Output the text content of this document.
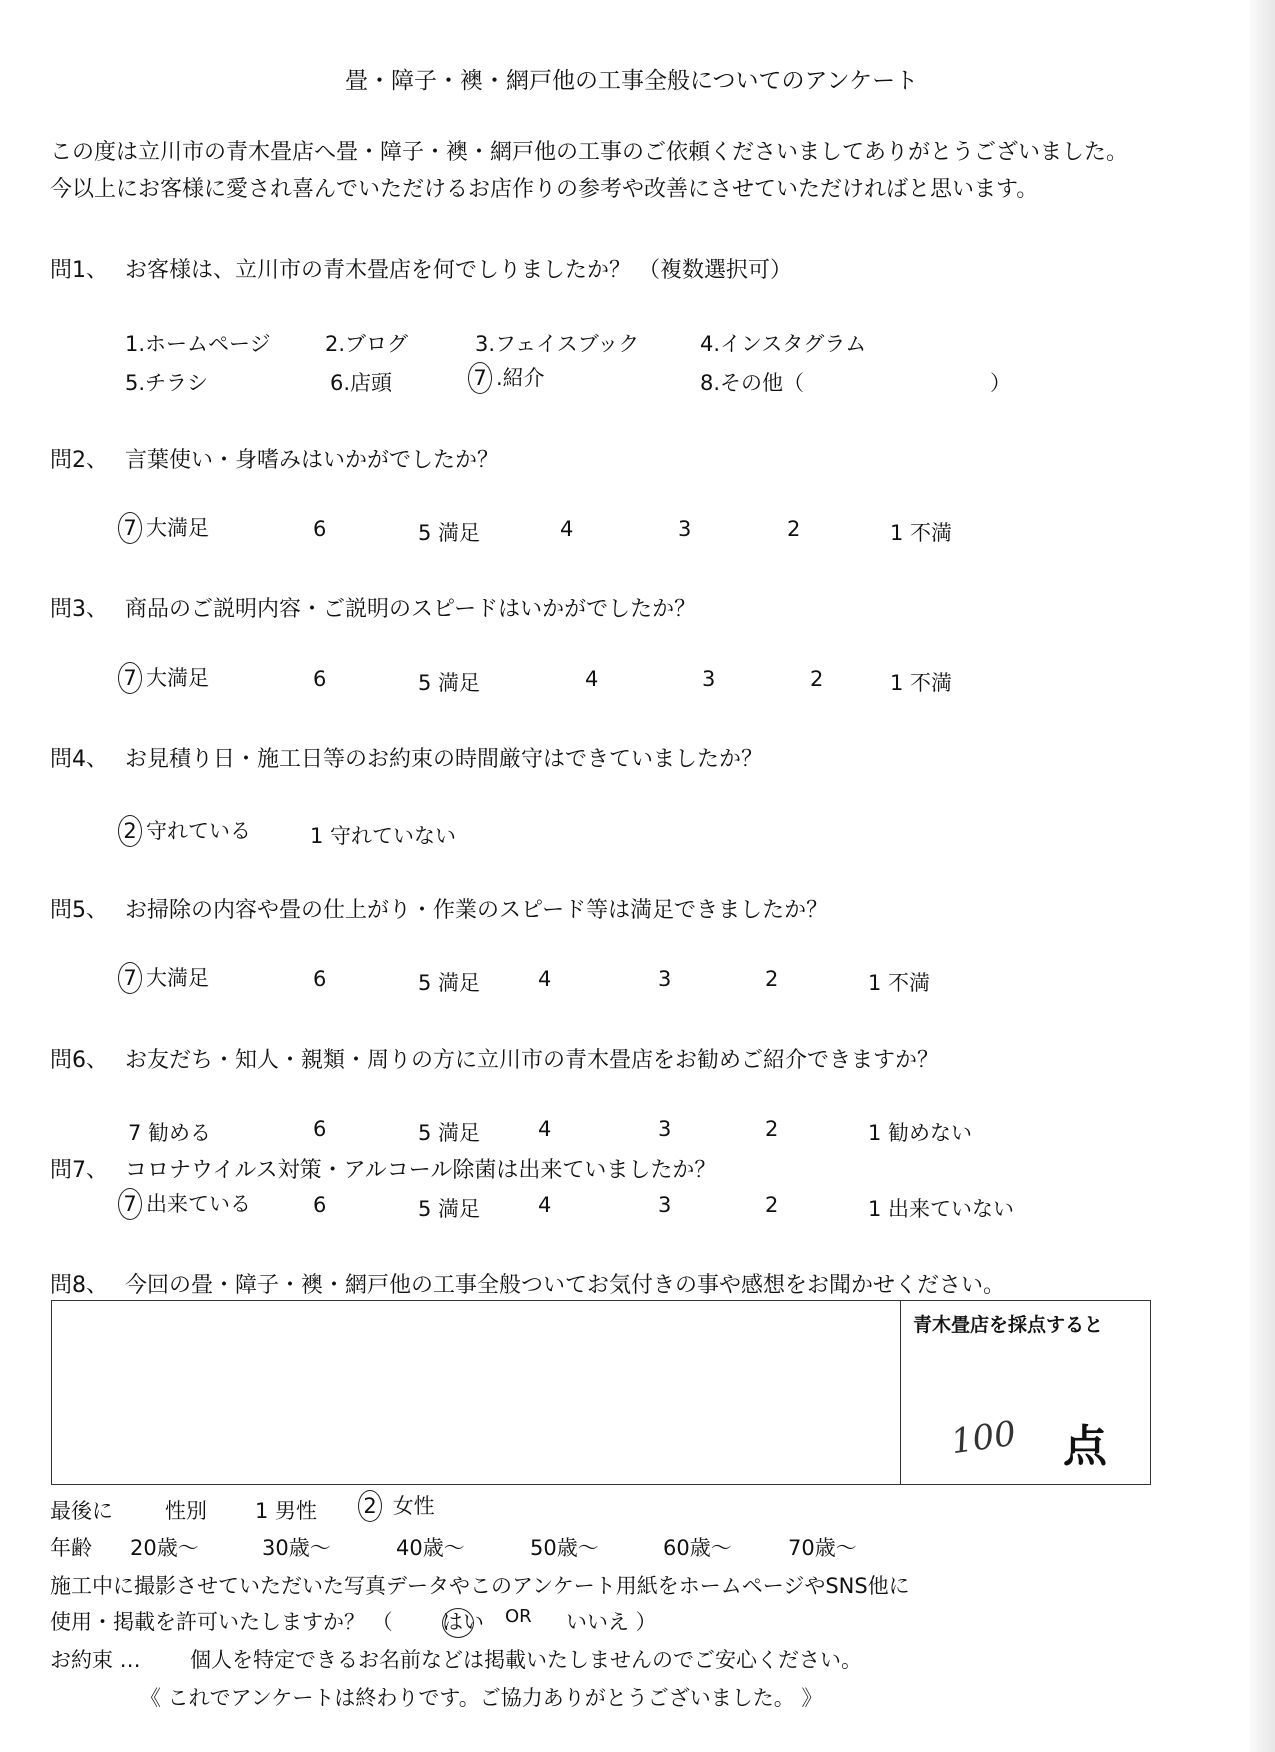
畳・障子・襖・網戸他の工事全般についてのアンケート
この度は立川市の青木畳店へ畳・障子・襖・網戸他の工事のご依頼くださいましてありがとうございました。
今以上にお客様に愛され喜んでいただけるお店作りの参考や改善にさせていただければと思います。
問1、 お客様は、立川市の青木畳店を何でしりましたか？ （複数選択可）
1.ホームページ	2.ブログ	3.フェイスブック	4.インスタグラム
5.チラシ	6.店頭	7 .紹介	8.その他（	）
問2、 言葉使い・身嗜みはいかがでしたか？
7 大満足	6	5 満足	4	3	2	1 不満
問3、 商品のご説明内容・ご説明のスピードはいかがでしたか？
7 大満足	6	5 満足	4	3	2	1 不満
問4、 お見積り日・施工日等のお約束の時間厳守はできていましたか？
2 守れている	1 守れていない
問5、 お掃除の内容や畳の仕上がり・作業のスピード等は満足できましたか？
7 大満足	6	5 満足	4	3	2	1 不満
問6、 お友だち・知人・親類・周りの方に立川市の青木畳店をお勧めご紹介できますか？
7 勧める	6	5 満足	4	3	2	1 勧めない
問7、 コロナウイルス対策・アルコール除菌は出来ていましたか？
7 出来ている	6	5 満足	4	3	2	1 出来ていない
問8、 今回の畳・障子・襖・網戸他の工事全般ついてお気付きの事や感想をお聞かせください。
青木畳店を採点すると
100 点
最後に 性別 1 男性 2 女性
年齢 20歳～	30歳～	40歳～	50歳～	60歳～	70歳～
施工中に撮影させていただいた写真データやこのアンケート用紙をホームページやSNS他に
使用・掲載を許可いたしますか？ （ はい OR いいえ ）
お約束 … 個人を特定できるお名前などは掲載いたしませんのでご安心ください。
《 これでアンケートは終わりです。ご協力ありがとうございました。 》
